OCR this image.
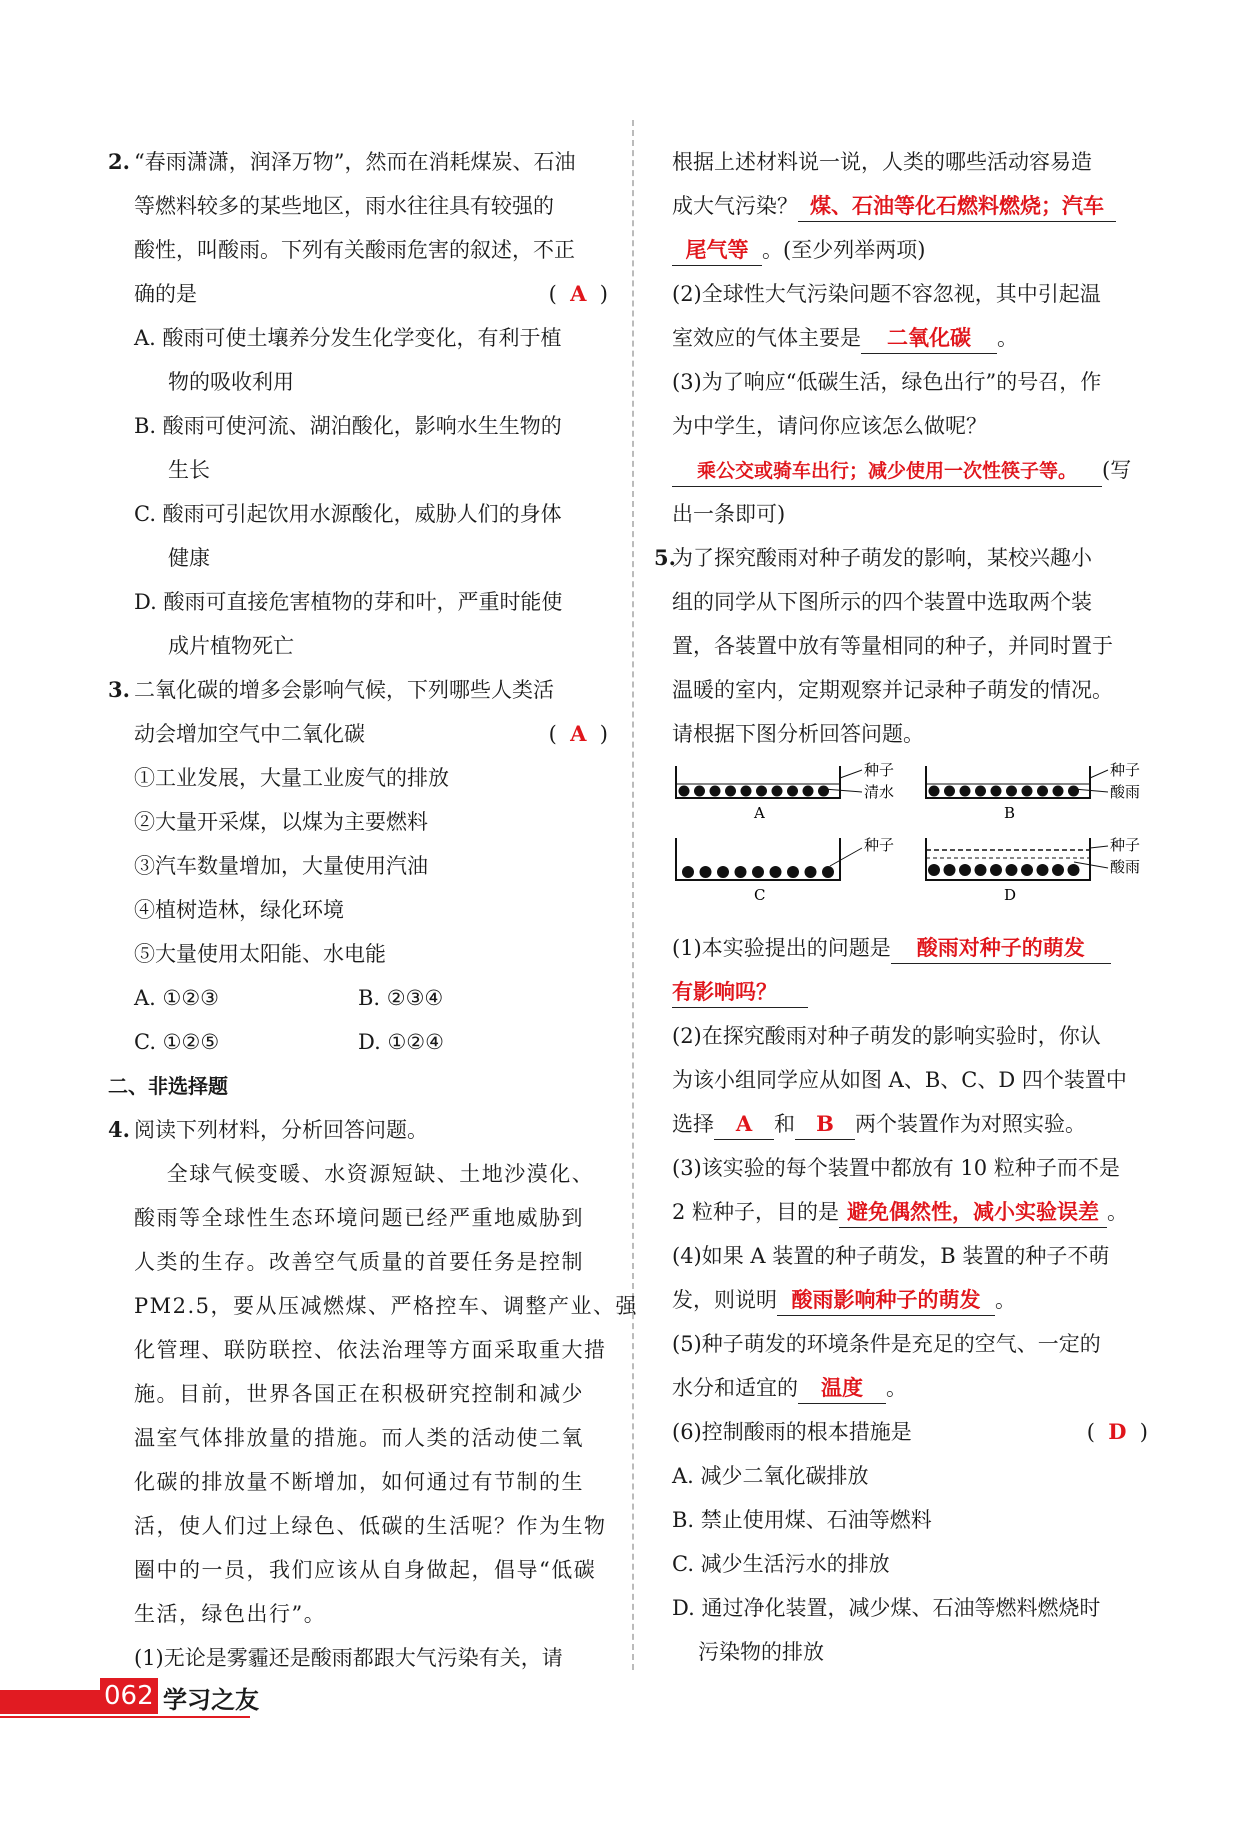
2. “春雨潇潇，润泽万物”，然而在消耗煤炭、石油
等燃料较多的某些地区，雨水往往具有较强的
酸性，叫酸雨。下列有关酸雨危害的叙述，不正
确的是	(  A  )
A. 酸雨可使土壤养分发生化学变化，有利于植
物的吸收利用
B. 酸雨可使河流、湖泊酸化，影响水生生物的
生长
C. 酸雨可引起饮用水源酸化，威胁人们的身体
健康
D. 酸雨可直接危害植物的芽和叶，严重时能使
成片植物死亡
3. 二氧化碳的增多会影响气候，下列哪些人类活
动会增加空气中二氧化碳	(  A  )
①工业发展，大量工业废气的排放
②大量开采煤，以煤为主要燃料
③汽车数量增加，大量使用汽油
④植树造林，绿化环境
⑤大量使用太阳能、水电能
A. ①②③	B. ②③④
C. ①②⑤	D. ①②④
二、非选择题
4. 阅读下列材料，分析回答问题。
全球气候变暖、水资源短缺、土地沙漠化、
酸雨等全球性生态环境问题已经严重地威胁到
人类的生存。改善空气质量的首要任务是控制
PM2.5，要从压减燃煤、严格控车、调整产业、强
化管理、联防联控、依法治理等方面采取重大措
施。目前，世界各国正在积极研究控制和减少
温室气体排放量的措施。而人类的活动使二氧
化碳的排放量不断增加，如何通过有节制的生
活，使人们过上绿色、低碳的生活呢？作为生物
圈中的一员，我们应该从自身做起，倡导“低碳
生活，绿色出行”。
(1)无论是雾霾还是酸雨都跟大气污染有关，请
根据上述材料说一说，人类的哪些活动容易造
成大气污染？ 煤、石油等化石燃料燃烧；汽车
尾气等 。(至少列举两项)
(2)全球性大气污染问题不容忽视，其中引起温
室效应的气体主要是 二氧化碳 。
(3)为了响应“低碳生活，绿色出行”的号召，作
为中学生，请问你应该怎么做呢？
乘公交或骑车出行；减少使用一次性筷子等。 (写
出一条即可)
5.
为了探究酸雨对种子萌发的影响，某校兴趣小
组的同学从下图所示的四个装置中选取两个装
置，各装置中放有等量相同的种子，并同时置于
温暖的室内，定期观察并记录种子萌发的情况。
请根据下图分析回答问题。
种子
清水
A
种子
酸雨
B
种子
C
种子
酸雨
D
(1)本实验提出的问题是 酸雨对种子的萌发
有影响吗？
(2)在探究酸雨对种子萌发的影响实验时，你认
为该小组同学应从如图 A、B、C、D 四个装置中
选择 A 和 B 两个装置作为对照实验。
(3)该实验的每个装置中都放有 10 粒种子而不是
2 粒种子，目的是 避免偶然性，减小实验误差 。
(4)如果 A 装置的种子萌发，B 装置的种子不萌
发，则说明 酸雨影响种子的萌发 。
(5)种子萌发的环境条件是充足的空气、一定的
水分和适宜的 温度 。
(6)控制酸雨的根本措施是	(  D  )
A. 减少二氧化碳排放
B. 禁止使用煤、石油等燃料
C. 减少生活污水的排放
D. 通过净化装置，减少煤、石油等燃料燃烧时
污染物的排放
062 学习之友
